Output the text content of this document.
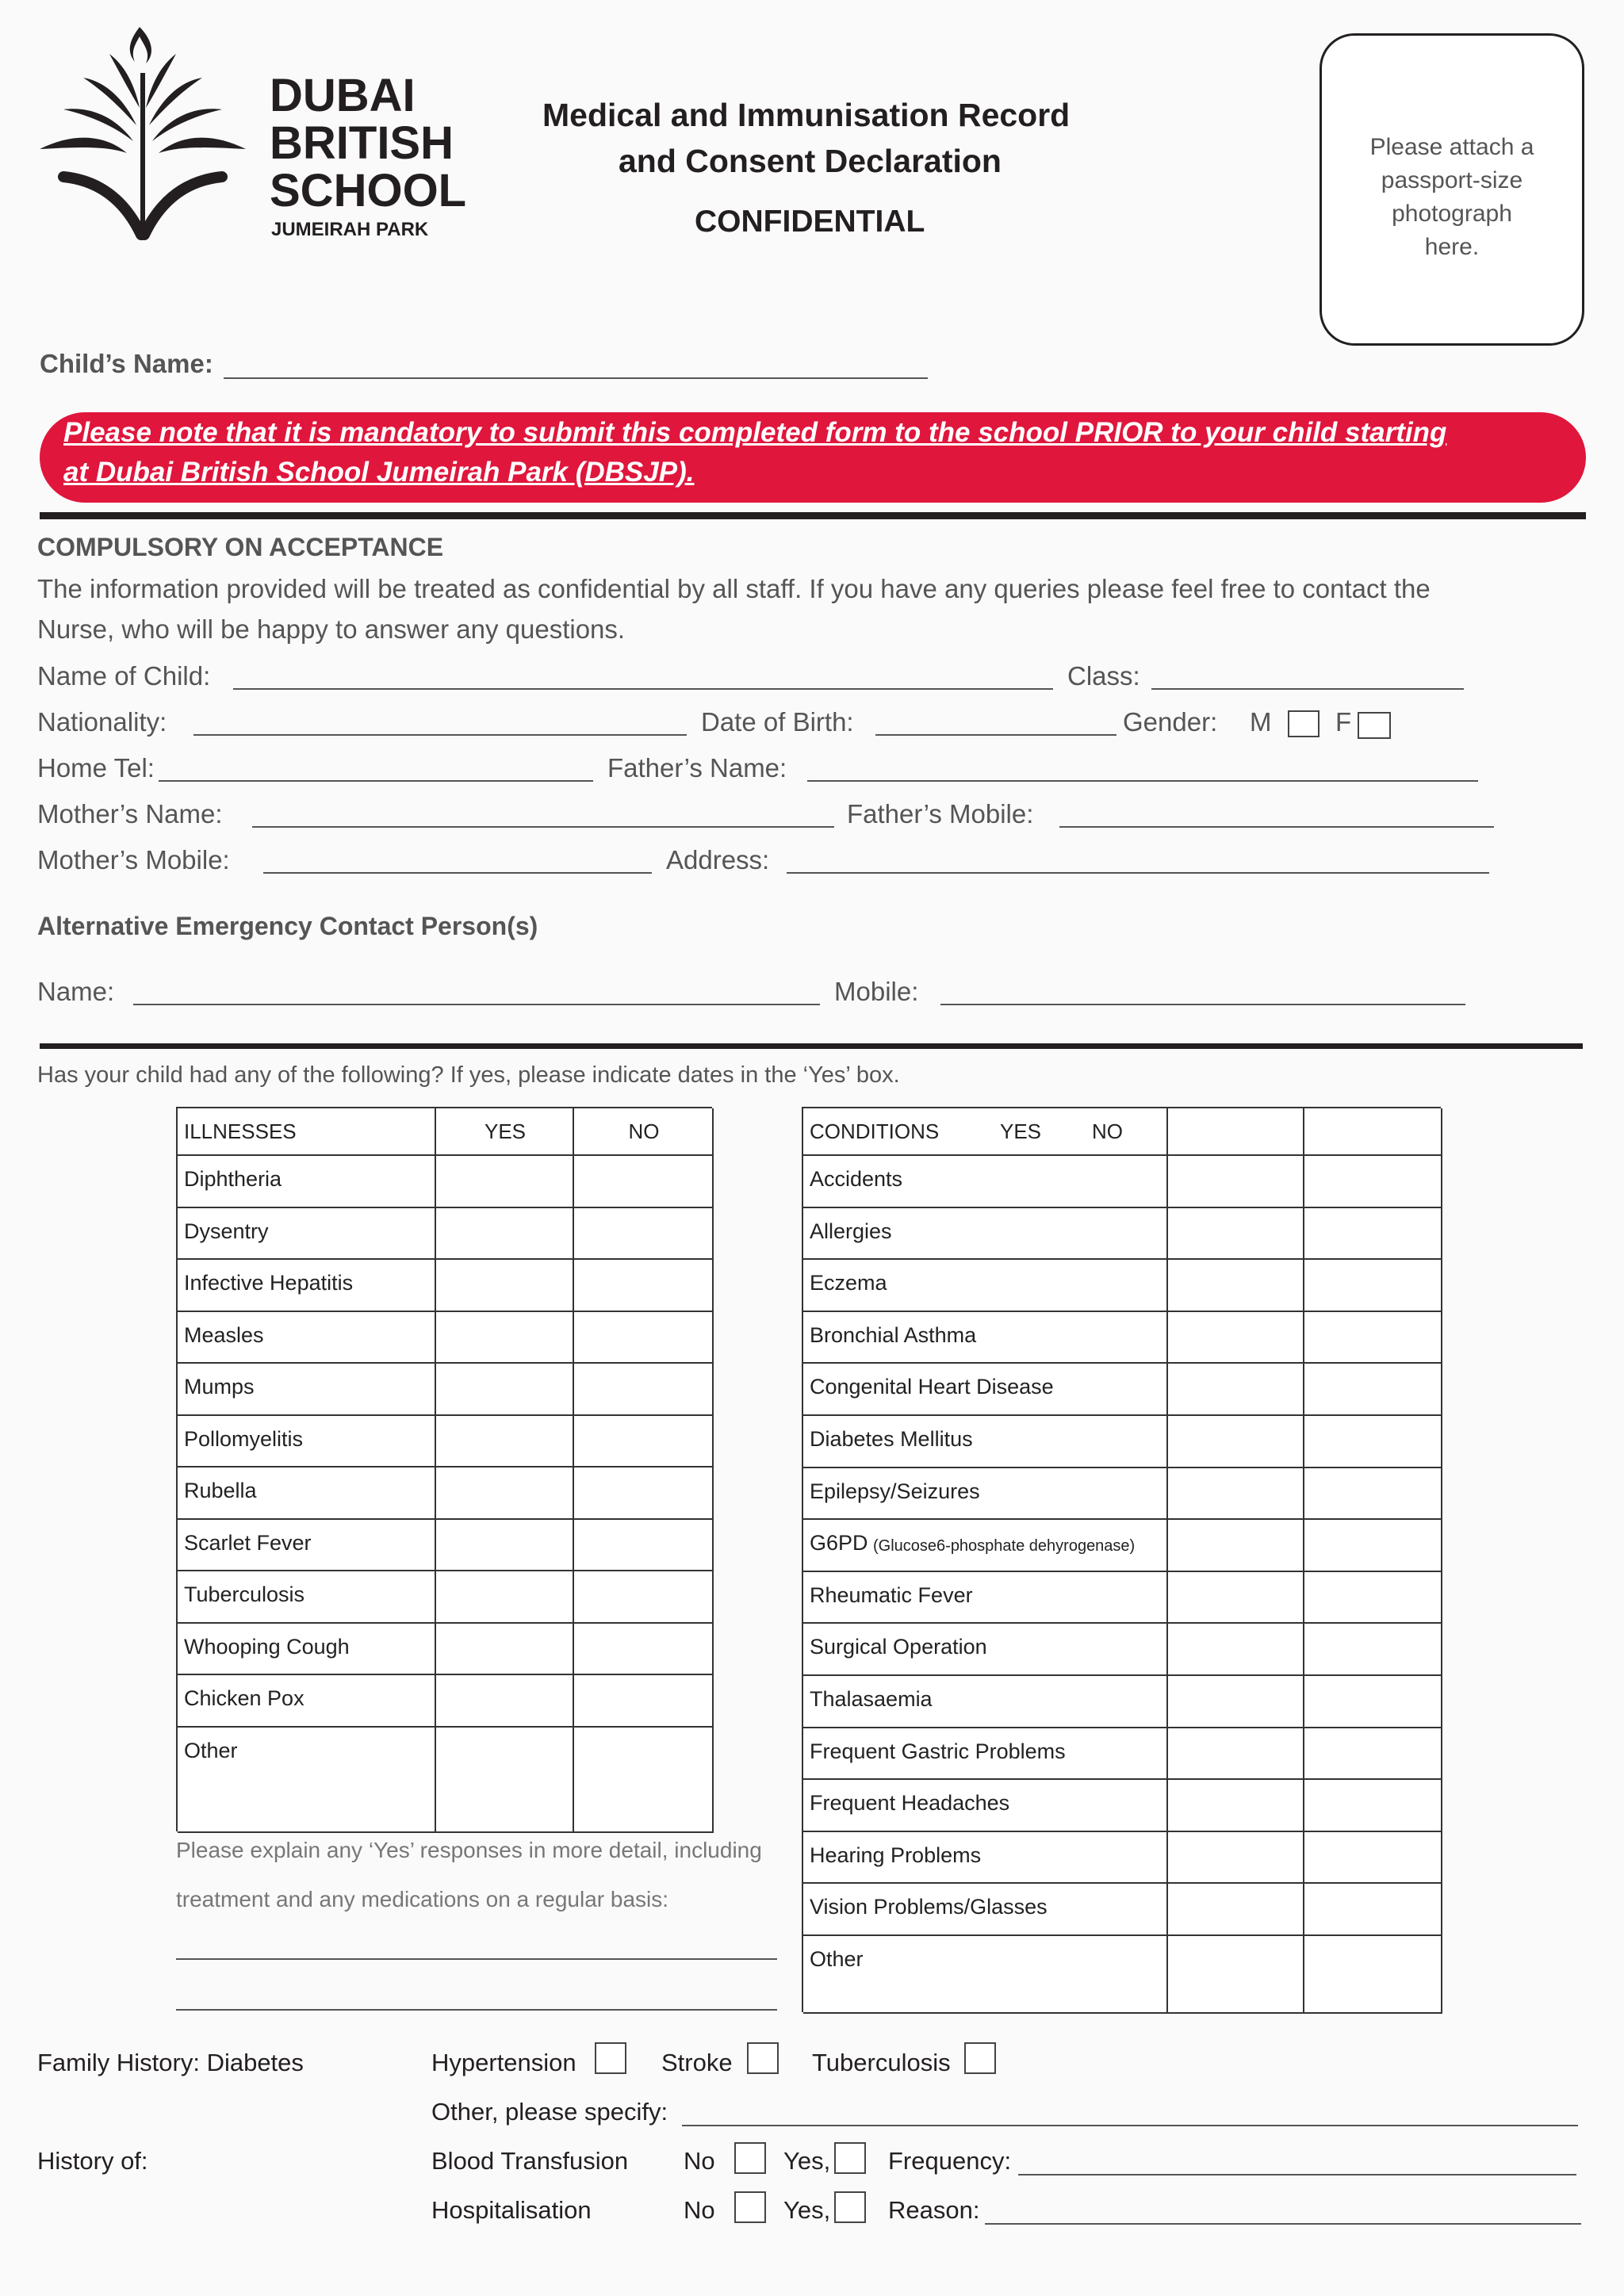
DUBAI
BRITISH
SCHOOL
JUMEIRAH PARK
Medical and Immunisation Record
and Consent Declaration
CONFIDENTIAL
Please attach a
passport-size
photograph
here.
Child’s Name:
Please note that it is mandatory to submit this completed form to the school PRIOR to your child starting
at Dubai British School Jumeirah Park (DBSJP).
COMPULSORY ON ACCEPTANCE
The information provided will be treated as confidential by all staff. If you have any queries please feel free to contact the
Nurse, who will be happy to answer any questions.
Name of Child:	Class:
Nationality:	Date of Birth:	Gender: M F
Home Tel:	Father’s Name:
Mother’s Name:	Father’s Mobile:
Mother’s Mobile:	Address:
Alternative Emergency Contact Person(s)
Name:	Mobile:
Has your child had any of the following? If yes, please indicate dates in the ‘Yes’ box.
ILLNESSES	YES	NO
Diphtheria
Dysentry
Infective Hepatitis
Measles
Mumps
Pollomyelitis
Rubella
Scarlet Fever
Tuberculosis
Whooping Cough
Chicken Pox
Other
CONDITIONS	YES NO
Accidents
Allergies
Eczema
Bronchial Asthma
Congenital Heart Disease
Diabetes Mellitus
Epilepsy/Seizures
G6PD (Glucose6-phosphate dehyrogenase)
Rheumatic Fever
Surgical Operation
Thalasaemia
Frequent Gastric Problems
Frequent Headaches
Hearing Problems
Vision Problems/Glasses
Other
Please explain any ‘Yes’ responses in more detail, including
treatment and any medications on a regular basis:
Family History: Diabetes	Hypertension	Stroke	Tuberculosis
Other, please specify:
History of:	Blood Transfusion No	Yes, Frequency:
Hospitalisation	No	Yes, Reason:
